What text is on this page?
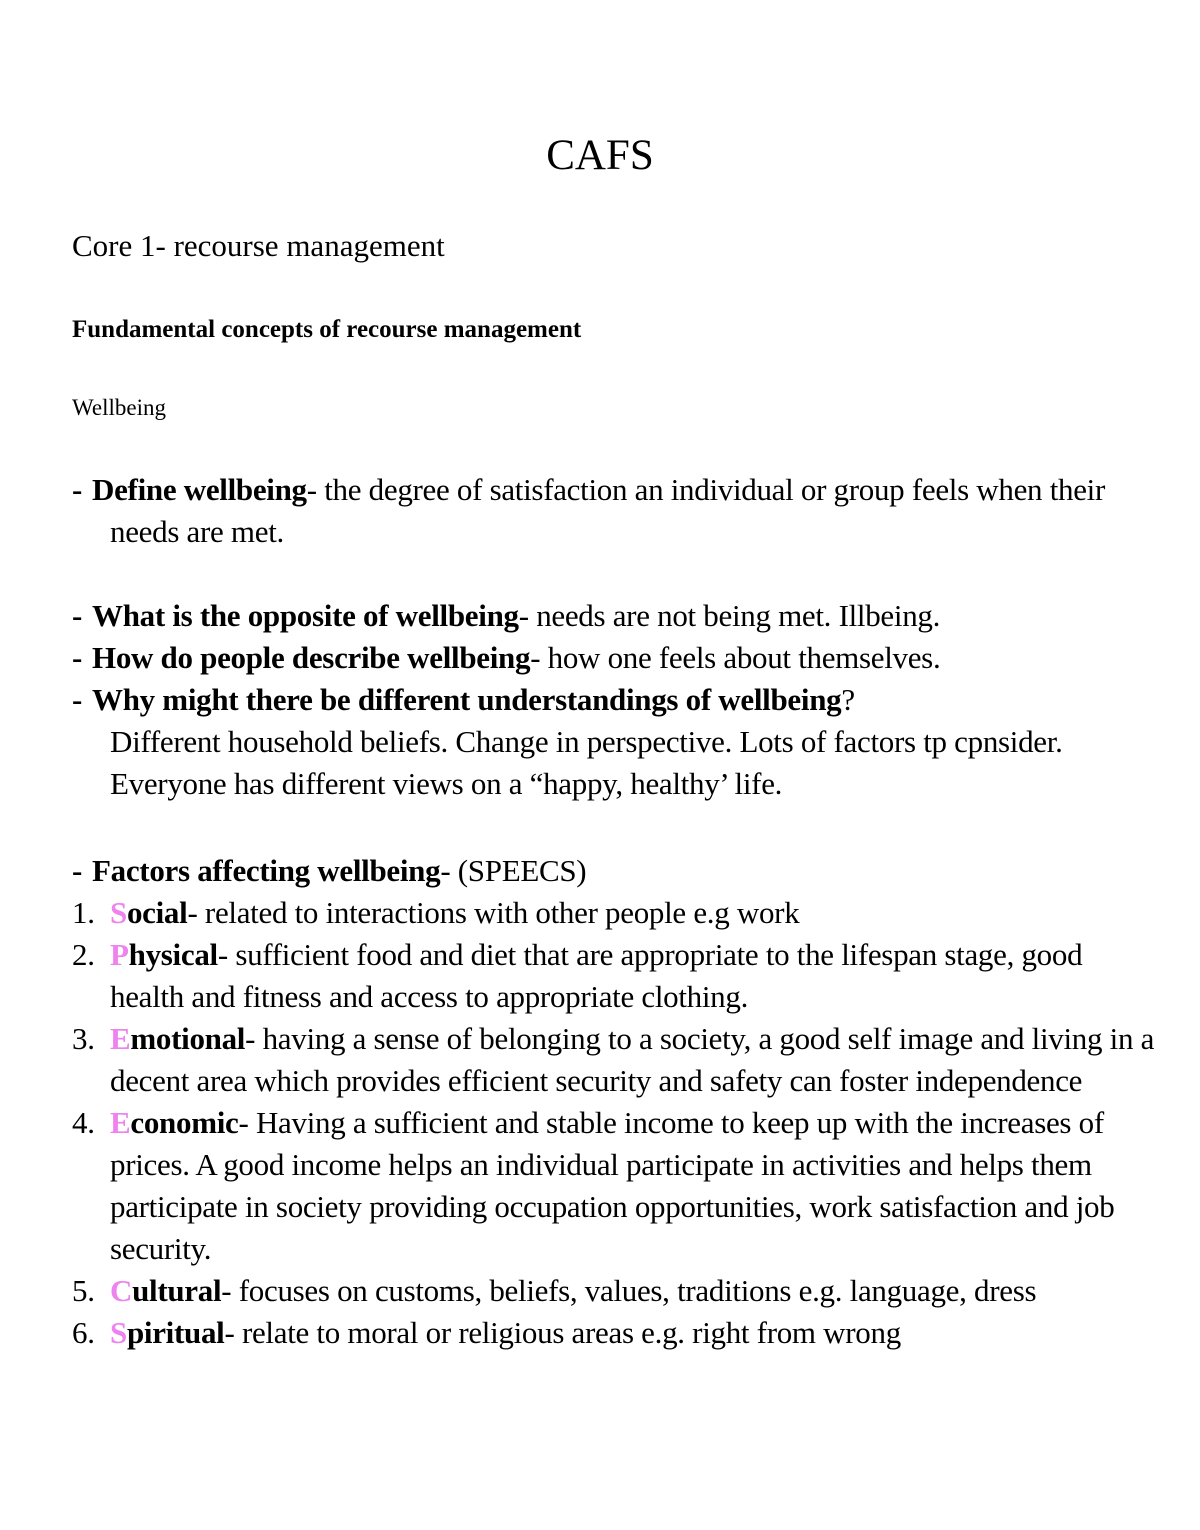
CAFS
Core 1- recourse management
Fundamental concepts of recourse management
Wellbeing
- Define wellbeing- the degree of satisfaction an individual or group feels when their needs are met.
- What is the opposite of wellbeing- needs are not being met. Illbeing.
- How do people describe wellbeing- how one feels about themselves.
- Why might there be different understandings of wellbeing?
Different household beliefs. Change in perspective. Lots of factors tp cpnsider. Everyone has different views on a “happy, healthy’ life.
- Factors affecting wellbeing- (SPEECS)
1. Social- related to interactions with other people e.g work
2. Physical- sufficient food and diet that are appropriate to the lifespan stage, good health and fitness and access to appropriate clothing.
3. Emotional- having a sense of belonging to a society, a good self image and living in a decent area which provides efficient security and safety can foster independence
4. Economic- Having a sufficient and stable income to keep up with the increases of prices. A good income helps an individual participate in activities and helps them participate in society providing occupation opportunities, work satisfaction and job security.
5. Cultural- focuses on customs, beliefs, values, traditions e.g. language, dress
6. Spiritual- relate to moral or religious areas e.g. right from wrong
